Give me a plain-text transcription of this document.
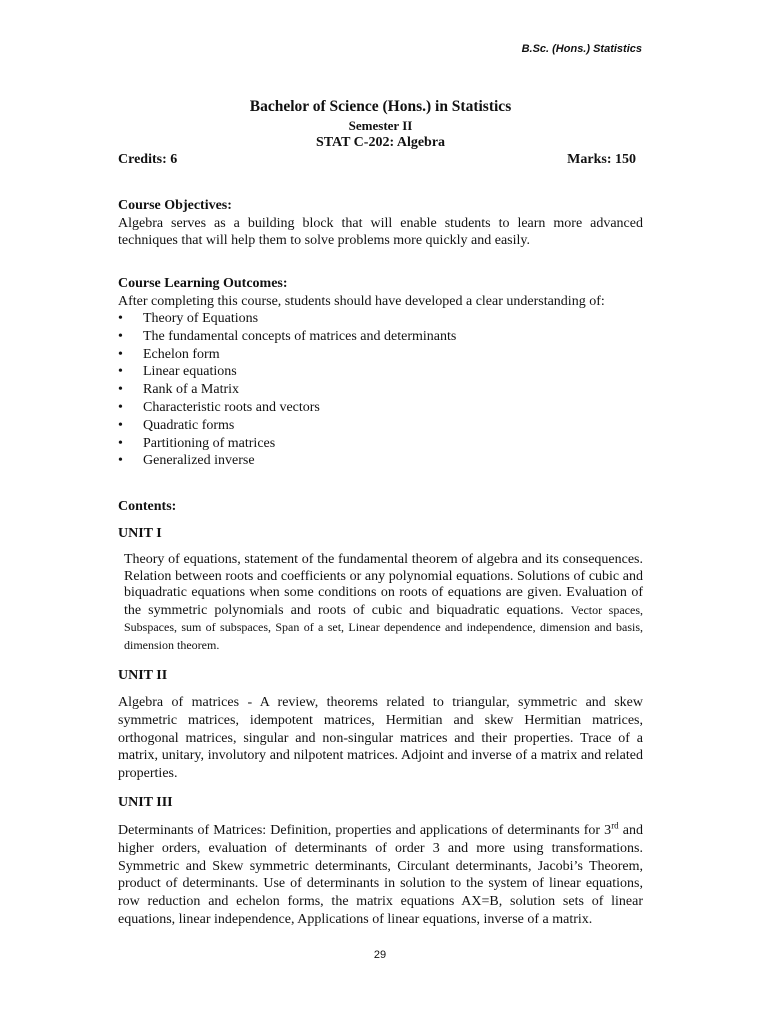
B.Sc. (Hons.) Statistics
Bachelor of Science (Hons.) in Statistics
Semester II
STAT C-202: Algebra
Credits: 6	Marks: 150
Course Objectives:
Algebra serves as a building block that will enable students to learn more advanced techniques that will help them to solve problems more quickly and easily.
Course Learning Outcomes:
After completing this course, students should have developed a clear understanding of:
• Theory of Equations
• The fundamental concepts of matrices and determinants
• Echelon form
• Linear equations
• Rank of a Matrix
• Characteristic roots and vectors
• Quadratic forms
• Partitioning of matrices
• Generalized inverse
Contents:
UNIT I
Theory of equations, statement of the fundamental theorem of algebra and its consequences. Relation between roots and coefficients or any polynomial equations. Solutions of cubic and biquadratic equations when some conditions on roots of equations are given. Evaluation of the symmetric polynomials and roots of cubic and biquadratic equations. Vector spaces, Subspaces, sum of subspaces, Span of a set, Linear dependence and independence, dimension and basis, dimension theorem.
UNIT II
Algebra of matrices - A review, theorems related to triangular, symmetric and skew symmetric matrices, idempotent matrices, Hermitian and skew Hermitian matrices, orthogonal matrices, singular and non-singular matrices and their properties. Trace of a matrix, unitary, involutory and nilpotent matrices. Adjoint and inverse of a matrix and related properties.
UNIT III
Determinants of Matrices: Definition, properties and applications of determinants for 3rd and higher orders, evaluation of determinants of order 3 and more using transformations. Symmetric and Skew symmetric determinants, Circulant determinants, Jacobi’s Theorem, product of determinants. Use of determinants in solution to the system of linear equations, row reduction and echelon forms, the matrix equations AX=B, solution sets of linear equations, linear independence, Applications of linear equations, inverse of a matrix.
29
